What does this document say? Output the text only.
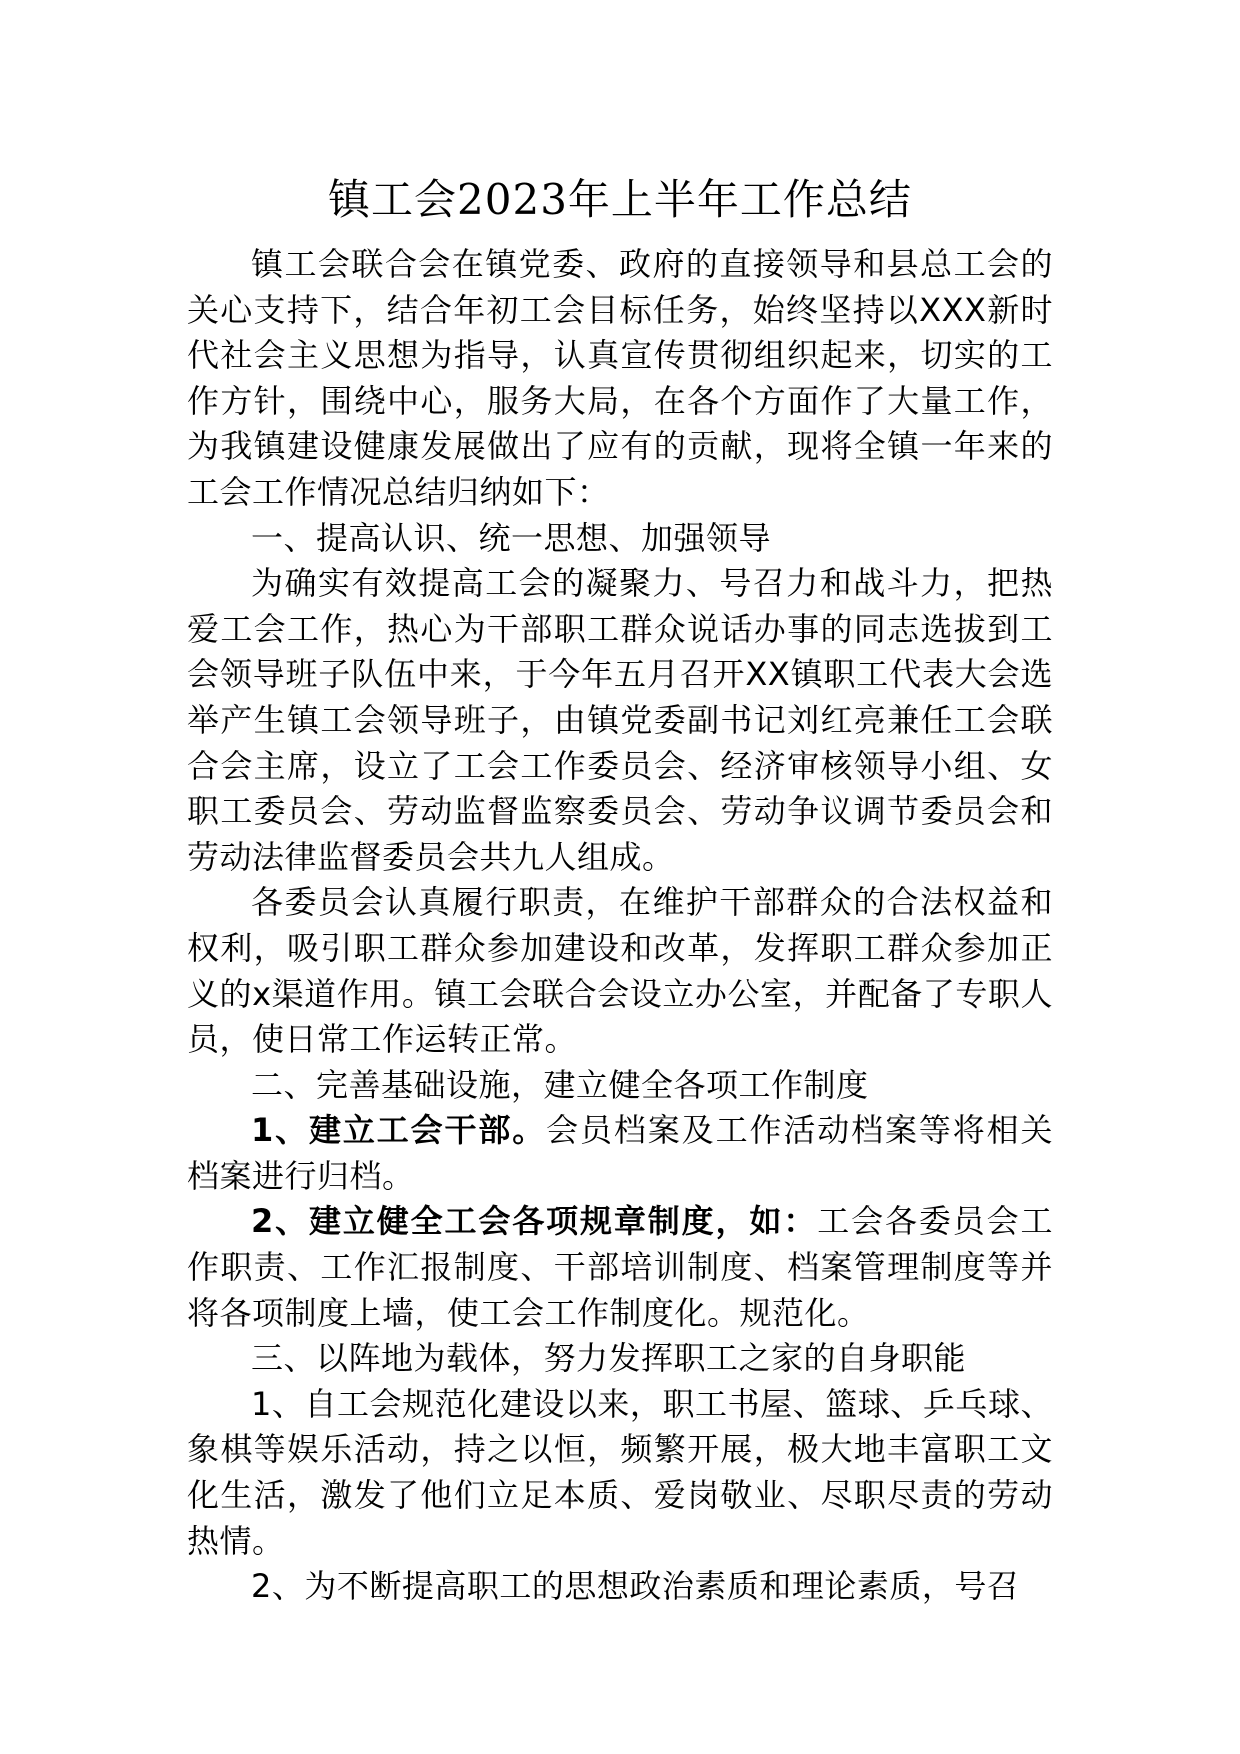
镇工会2023年上半年工作总结

镇工会联合会在镇党委、政府的直接领导和县总工会的关心支持下，结合年初工会目标任务，始终坚持以XXX新时代社会主义思想为指导，认真宣传贯彻组织起来，切实的工作方针，围绕中心，服务大局，在各个方面作了大量工作，为我镇建设健康发展做出了应有的贡献，现将全镇一年来的工会工作情况总结归纳如下：

一、提高认识、统一思想、加强领导

为确实有效提高工会的凝聚力、号召力和战斗力，把热爱工会工作，热心为干部职工群众说话办事的同志选拔到工会领导班子队伍中来，于今年五月召开XX镇职工代表大会选举产生镇工会领导班子，由镇党委副书记刘红亮兼任工会联合会主席，设立了工会工作委员会、经济审核领导小组、女职工委员会、劳动监督监察委员会、劳动争议调节委员会和劳动法律监督委员会共九人组成。

各委员会认真履行职责，在维护干部群众的合法权益和权利，吸引职工群众参加建设和改革，发挥职工群众参加正义的x渠道作用。镇工会联合会设立办公室，并配备了专职人员，使日常工作运转正常。

二、完善基础设施，建立健全各项工作制度

1、建立工会干部。会员档案及工作活动档案等将相关档案进行归档。

2、建立健全工会各项规章制度，如：工会各委员会工作职责、工作汇报制度、干部培训制度、档案管理制度等并将各项制度上墙，使工会工作制度化。规范化。

三、以阵地为载体，努力发挥职工之家的自身职能

1、自工会规范化建设以来，职工书屋、篮球、乒乓球、象棋等娱乐活动，持之以恒，频繁开展，极大地丰富职工文化生活，激发了他们立足本质、爱岗敬业、尽职尽责的劳动热情。

2、为不断提高职工的思想政治素质和理论素质，号召
